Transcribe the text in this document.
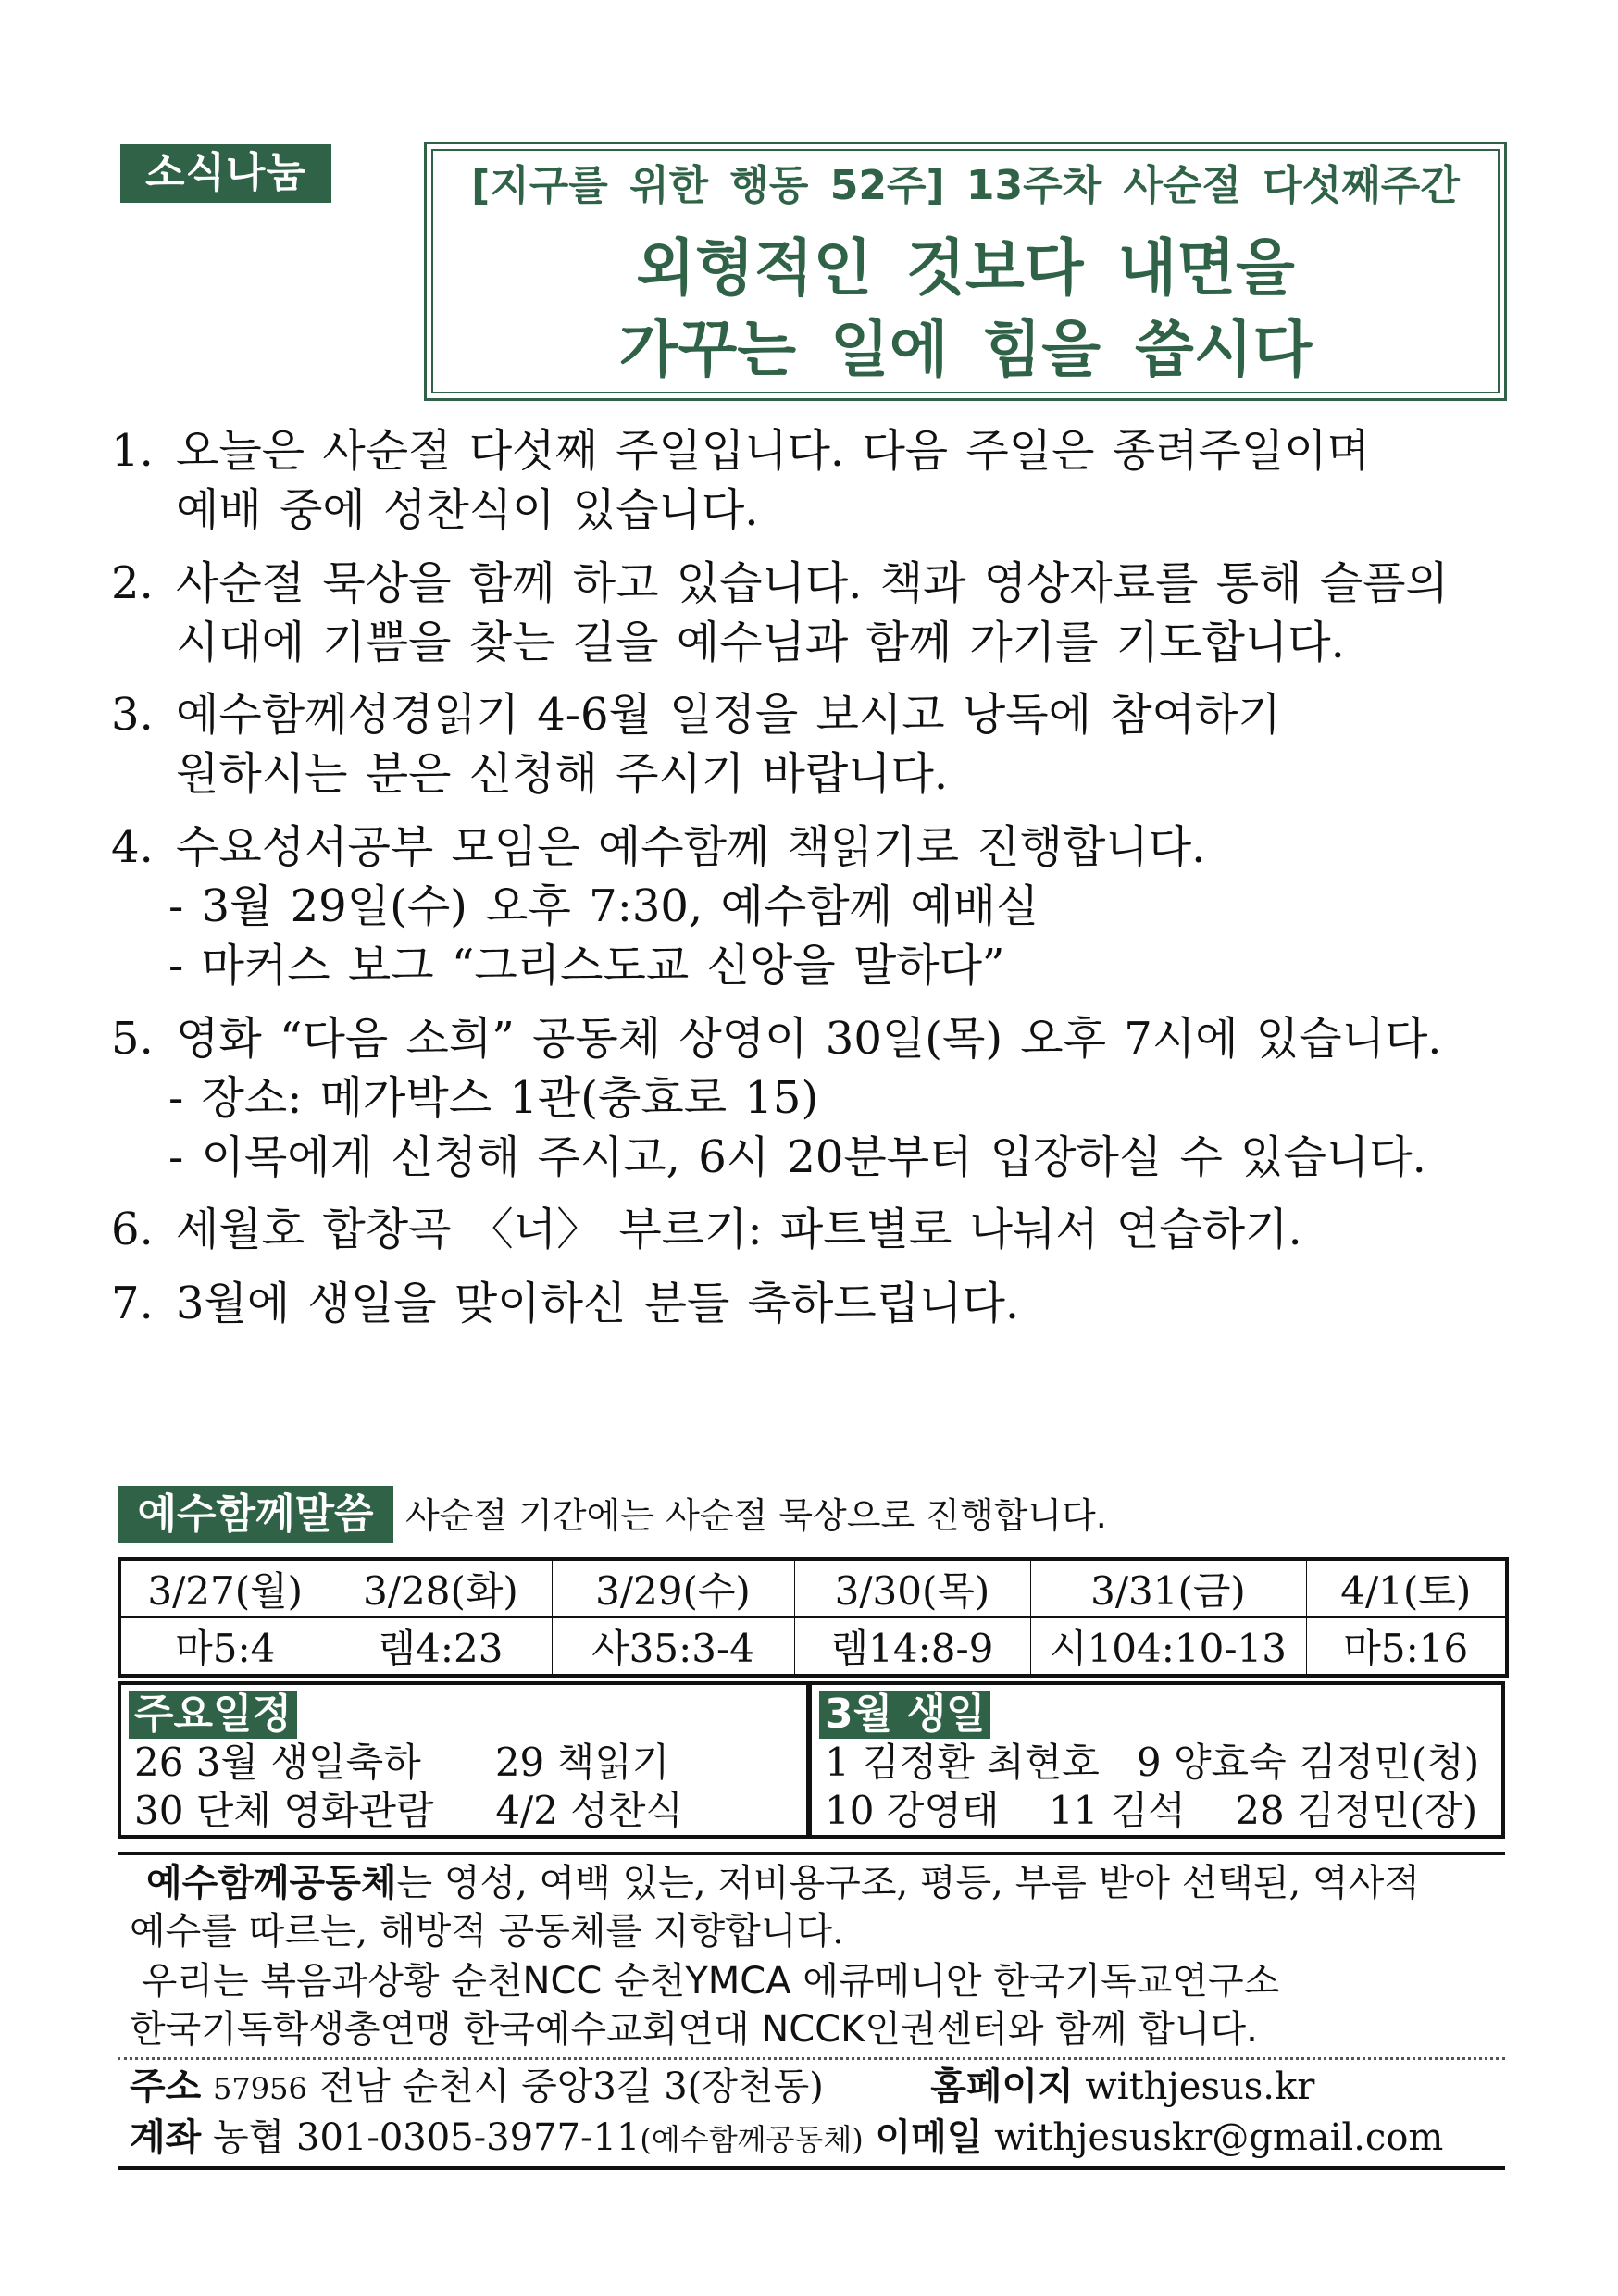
소식나눔	[지구를 위한 행동 52주] 13주차 사순절 다섯째주간
외형적인 것보다 내면을
가꾸는 일에 힘을 씁시다
1. 오늘은 사순절 다섯째 주일입니다. 다음 주일은 종려주일이며
예배 중에 성찬식이 있습니다.
2. 사순절 묵상을 함께 하고 있습니다. 책과 영상자료를 통해 슬픔의
시대에 기쁨을 찾는 길을 예수님과 함께 가기를 기도합니다.
3. 예수함께성경읽기 4-6월 일정을 보시고 낭독에 참여하기
원하시는 분은 신청해 주시기 바랍니다.
4. 수요성서공부 모임은 예수함께 책읽기로 진행합니다.
- 3월 29일(수) 오후 7:30, 예수함께 예배실
- 마커스 보그 “그리스도교 신앙을 말하다”
5. 영화 “다음 소희” 공동체 상영이 30일(목) 오후 7시에 있습니다.
- 장소: 메가박스 1관(충효로 15)
- 이목에게 신청해 주시고, 6시 20분부터 입장하실 수 있습니다.
6. 세월호 합창곡 〈너〉 부르기: 파트별로 나눠서 연습하기.
7. 3월에 생일을 맞이하신 분들 축하드립니다.
예수함께말씀 사순절 기간에는 사순절 묵상으로 진행합니다.
3/27(월)	3/28(화)	3/29(수)	3/30(목)	3/31(금)	4/1(토)
마5:4	렘4:23	사35:3-4	렘14:8-9	시104:10-13	마5:16
주요일정
26 3월 생일축하      29 책읽기
30 단체 영화관람     4/2 성찬식
3월 생일
1 김정환 최현호   9 양효숙 김정민(청)
10 강영태    11 김석    28 김정민(장)
예수함께공동체는 영성, 여백 있는, 저비용구조, 평등, 부름 받아 선택된, 역사적
예수를 따르는, 해방적 공동체를 지향합니다.
우리는 복음과상황 순천NCC 순천YMCA 에큐메니안 한국기독교연구소
한국기독학생총연맹 한국예수교회연대 NCCK인권센터와 함께 합니다.
주소 57956 전남 순천시 중앙3길 3(장천동)	홈페이지 withjesus.kr
계좌 농협 301-0305-3977-11(예수함께공동체) 이메일 withjesuskr@gmail.com
